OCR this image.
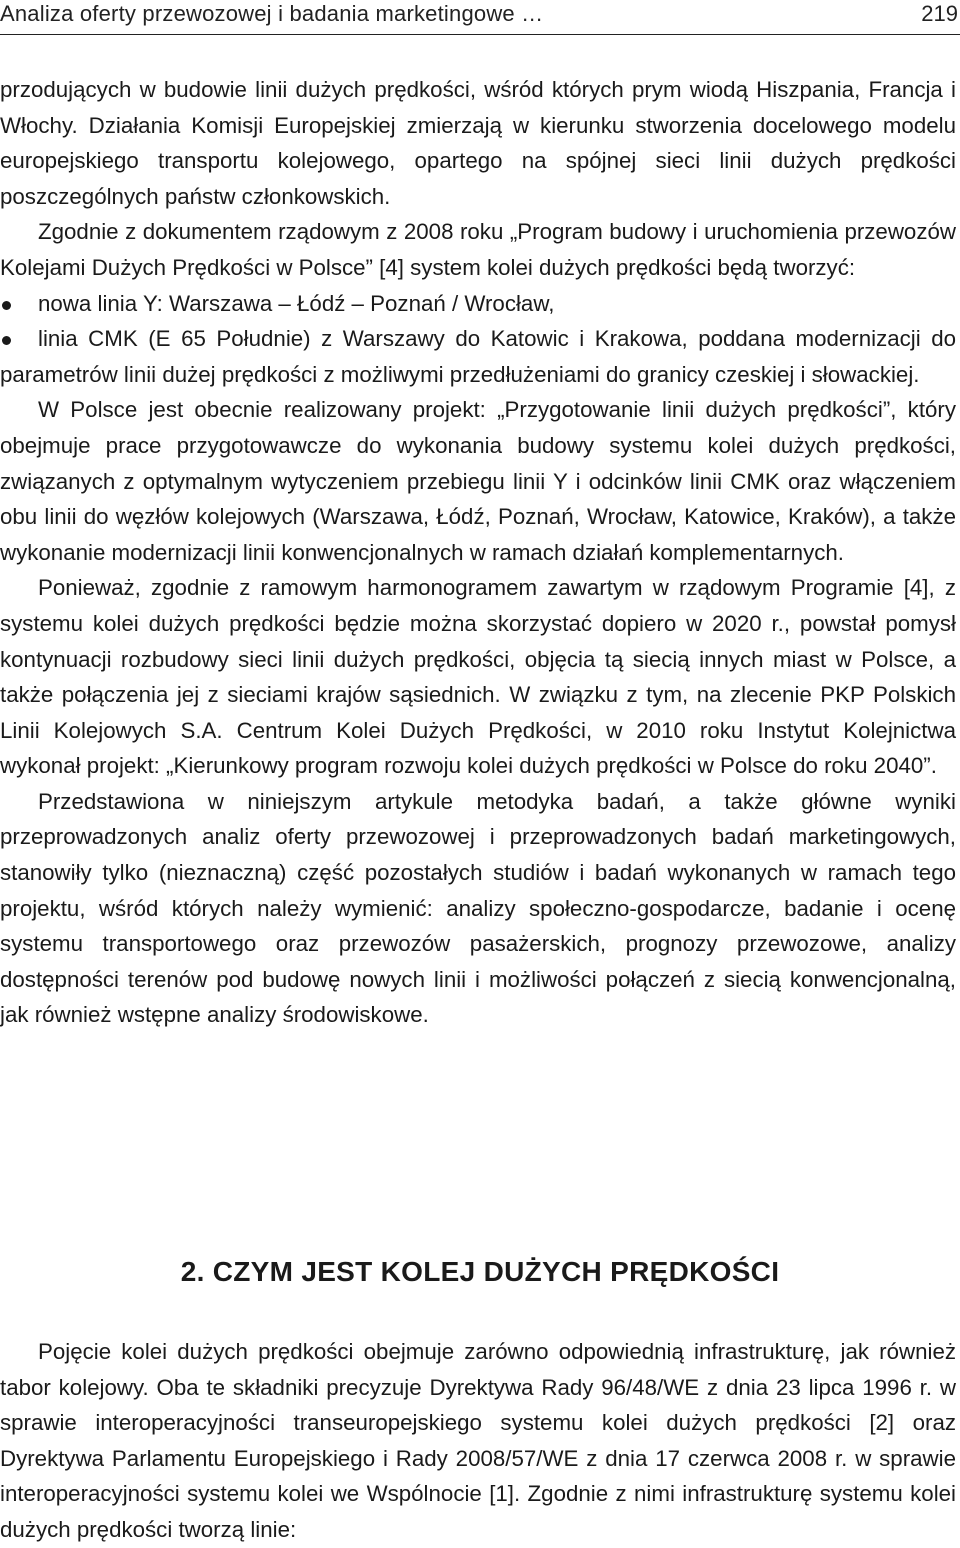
Analiza oferty przewozowej i badania marketingowe …	219

przodujących w budowie linii dużych prędkości, wśród których prym wiodą Hiszpania, Francja i Włochy. Działania Komisji Europejskiej zmierzają w kierunku stworzenia docelowego modelu europejskiego transportu kolejowego, opartego na spójnej sieci linii dużych prędkości poszczególnych państw członkowskich.

Zgodnie z dokumentem rządowym z 2008 roku „Program budowy i uruchomienia przewozów Kolejami Dużych Prędkości w Polsce” [4] system kolei dużych prędkości będą tworzyć:

nowa linia Y: Warszawa – Łódź – Poznań / Wrocław,
linia CMK (E 65 Południe) z Warszawy do Katowic i Krakowa, poddana modernizacji do parametrów linii dużej prędkości z możliwymi przedłużeniami do granicy czeskiej i słowackiej.

W Polsce jest obecnie realizowany projekt: „Przygotowanie linii dużych prędkości”, który obejmuje prace przygotowawcze do wykonania budowy systemu kolei dużych prędkości, związanych z optymalnym wytyczeniem przebiegu linii Y i odcinków linii CMK oraz włączeniem obu linii do węzłów kolejowych (Warszawa, Łódź, Poznań, Wrocław, Katowice, Kraków), a także wykonanie modernizacji linii konwencjonalnych w ramach działań komplementarnych.

Ponieważ, zgodnie z ramowym harmonogramem zawartym w rządowym Programie [4], z systemu kolei dużych prędkości będzie można skorzystać dopiero w 2020 r., powstał pomysł kontynuacji rozbudowy sieci linii dużych prędkości, objęcia tą siecią innych miast w Polsce, a także połączenia jej z sieciami krajów sąsiednich. W związku z tym, na zlecenie PKP Polskich Linii Kolejowych S.A. Centrum Kolei Dużych Prędkości, w 2010 roku Instytut Kolejnictwa wykonał projekt: „Kierunkowy program rozwoju kolei dużych prędkości w Polsce do roku 2040”.

Przedstawiona w niniejszym artykule metodyka badań, a także główne wyniki przeprowadzonych analiz oferty przewozowej i przeprowadzonych badań marketingowych, stanowiły tylko (nieznaczną) część pozostałych studiów i badań wykonanych w ramach tego projektu, wśród których należy wymienić: analizy społeczno-gospodarcze, badanie i ocenę systemu transportowego oraz przewozów pasażerskich, prognozy przewozowe, analizy dostępności terenów pod budowę nowych linii i możliwości połączeń z siecią konwencjonalną, jak również wstępne analizy środowiskowe.

2. CZYM JEST KOLEJ DUŻYCH PRĘDKOŚCI

Pojęcie kolei dużych prędkości obejmuje zarówno odpowiednią infrastrukturę, jak również tabor kolejowy. Oba te składniki precyzuje Dyrektywa Rady 96/48/WE z dnia 23 lipca 1996 r. w sprawie interoperacyjności transeuropejskiego systemu kolei dużych prędkości [2] oraz Dyrektywa Parlamentu Europejskiego i Rady 2008/57/WE z dnia 17 czerwca 2008 r. w sprawie interoperacyjności systemu kolei we Wspólnocie [1]. Zgodnie z nimi infrastrukturę systemu kolei dużych prędkości tworzą linie:
